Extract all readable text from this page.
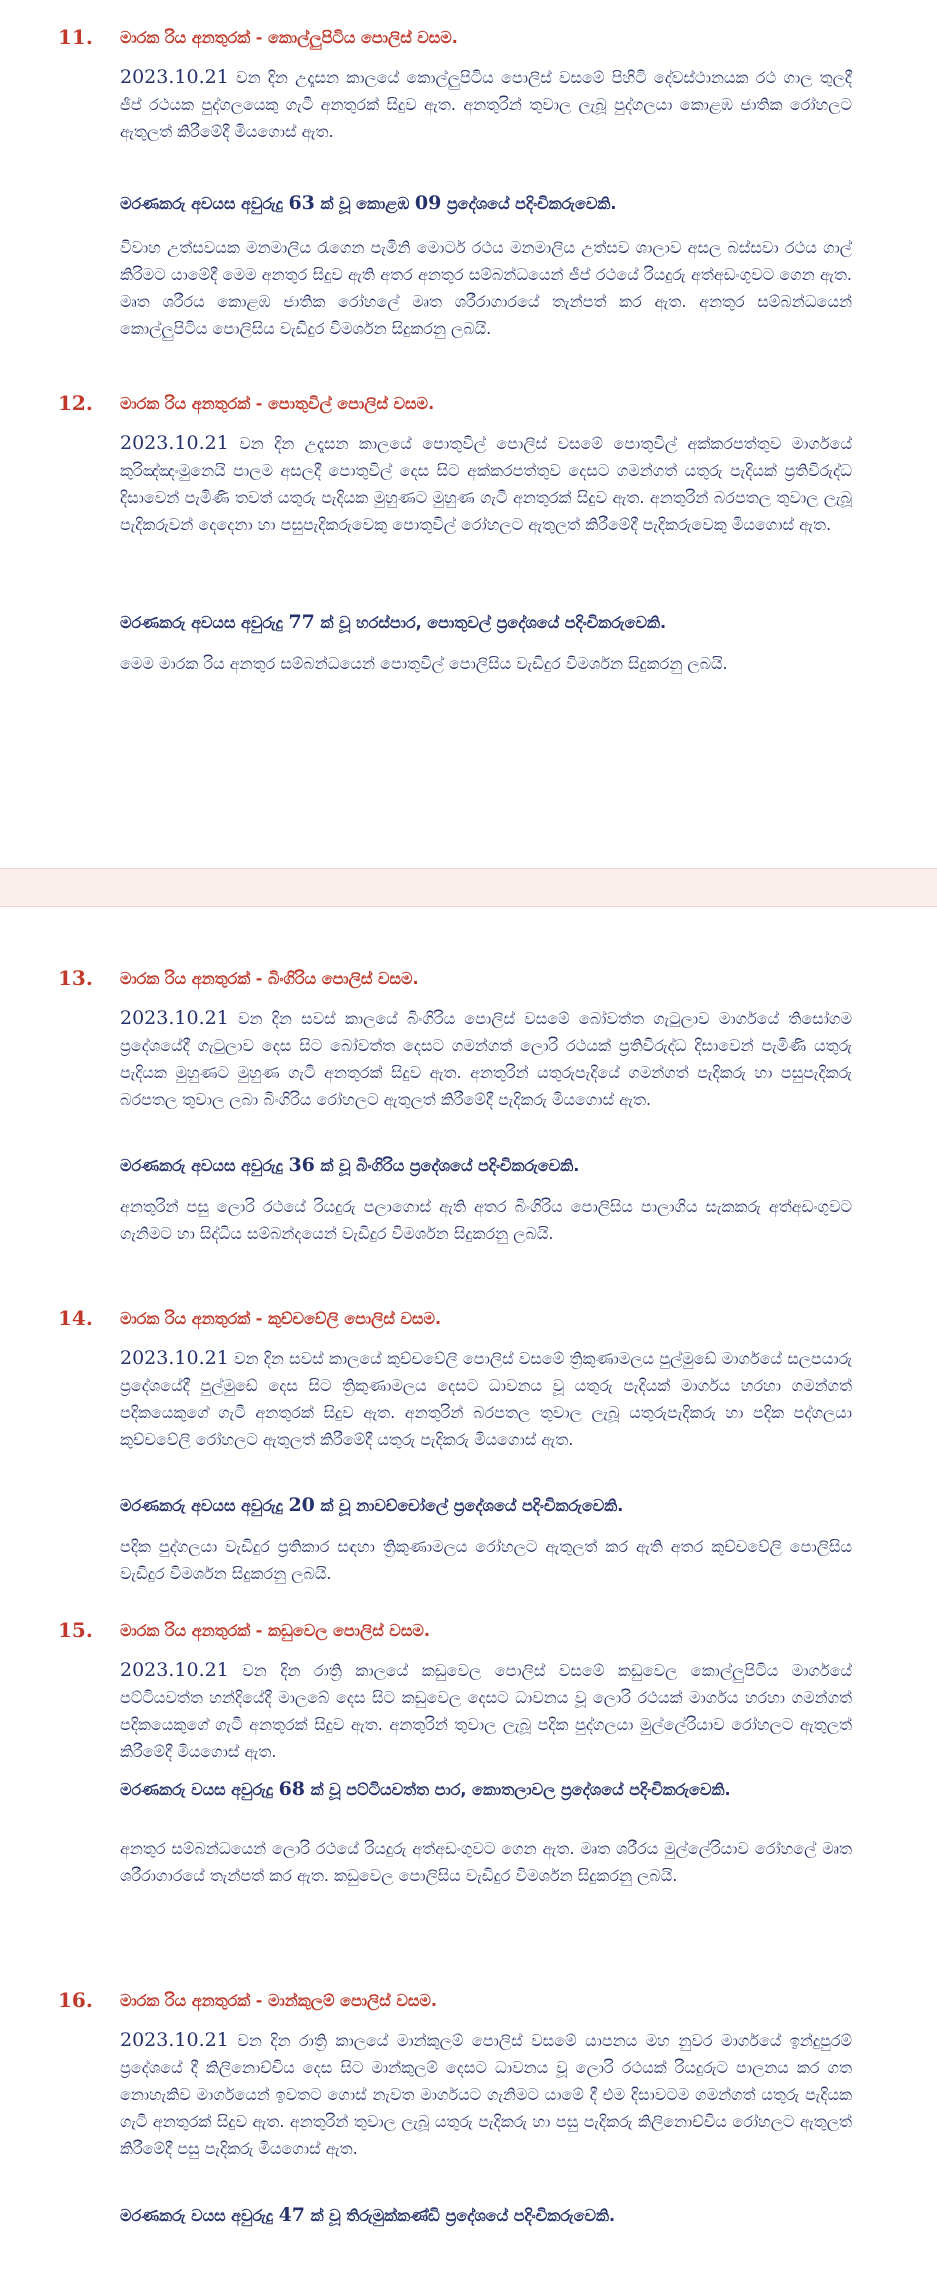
11. මාරක රිය අනතුරක් - කොල්ලුපිටිය පොලිස් වසම.
2023.10.21 වන දින උදෑසන කාලයේ කොල්ලුපිටිය පොලිස් වසමේ පිහිටි දේවස්ථානයක රථ ගාල තුලදී ජීප් රථයක පුද්ගලයෙකු ගැටී අනතුරක් සිදුව ඇත. අනතුරින් තුවාල ලැබූ පුද්ගලයා කොළඹ ජාතික රෝහලට ඇතුලත් කිරීමේදී මියගොස් ඇත.
මරණකරු අවයස අවුරුදු 63 ක් වූ කොළඹ 09 ප්‍රදේශයේ පදිංචිකරුවෙකි.
විවාහ උත්සවයක මනමාලිය රැගෙන පැමිනි මොටර් රථය මනමාලිය උත්සව ශාලාව අසල බස්සවා රථය ගාල් කිරිමට යාමේදී මෙම අනතුර සිදුව ඇති අතර අනතුර සම්බන්ධයෙන් ජීප් රථයේ රියදුරු අත්අඩංගුවට ගෙන ඇත. මෘත ශරීරය කොළඹ ජාතික රෝහලේ මෘත ශරීරාගාරයේ තැන්පත් කර ඇත. අනතුර සම්බන්ධයෙන් කොල්ලුපිටිය පොලිසිය වැඩිදුර විමර්ශන සිදුකරනු ලබයි.
12. මාරක රිය අනතුරක් - පොතුවිල් පොලිස් වසම.
2023.10.21 වන දින උදෑසන කාලයේ පොතුවිල් පොලිස් වසමේ පොතුවිල් අක්කරපත්තුව මාර්ගයේ කුරිඤ්ඤංමුනෙයි පාලම අසලදී පොතුවිල් දෙස සිට අක්කරපත්තුව දෙසට ගමන්ගත් යතුරු පැදියක් ප්‍රතිවිරුද්ධ දිසාවෙන් පැමිණි තවත් යතුරු පැදියක මුහුණට මුහුණ ගැටී අනතුරක් සිදුව ඇත. අනතුරින් බරපතල තුවාල ලැබූ පැදිකරුවන් දෙදෙනා හා පසුපැදිකරුවෙකු පොතුවිල් රෝහලට ඇතුලත් කිරීමේදී පැදිකරුවෙකු මියගොස් ඇත.
මරණකරු අවයස අවුරුදු 77 ක් වූ හරස්පාර, පොතුවල් ප්‍රදේශයේ පදිංචිකරුවෙකි.
මෙම මාරක රිය අනතුර සම්බන්ධයෙන් පොතුවිල් පොලිසිය වැඩිදුර විමර්ශන සිදුකරනු ලබයි.
13. මාරක රිය අනතුරක් - බිංගිරිය පොලිස් වසම.
2023.10.21 වන දින සවස් කාලයේ බිංගිරිය පොලිස් වසමේ බෝවත්ත ගැටුලාව මාර්ගයේ තිසෝගම ප්‍රදේශයේදී ගැටුලාව දෙස සිට බෝවත්ත දෙසට ගමන්ගත් ලොරි රථයක් ප්‍රතිවිරුද්ධ දිසාවෙන් පැමිණි යතුරු පැදියක මුහුණට මුහුණ ගැටී අනතුරක් සිදුව ඇත. අනතුරින් යතුරුපැදියේ ගමන්ගත් පැදිකරු හා පසුපැදිකරු බරපතල තුවාල ලබා බිංගිරිය රෝහලට ඇතුලත් කිරීමේදී පැදිකරු මියගොස් ඇත.
මරණකරු අවයස අවුරුදු 36 ක් වූ බිංගිරිය ප්‍රදේශයේ පදිංචිකරුවෙකි.
අනතුරින් පසු ලොරි රථයේ රියදුරු පලාගොස් ඇති අතර බිංගිරිය පොලිසිය පාලාගිය සැකකරු අත්අඩංගුවට ගැනිමට හා සිද්ධිය සම්බන්දයෙන් වැඩිදුර විමර්ශන සිදුකරනු ලබයි.
14. මාරක රිය අනතුරක් - කුච්චවේලි පොලිස් වසම.
2023.10.21 වන දින සවස් කාලයේ කුච්චවේලි පොලිස් වසමේ ත්‍රිකුණාමලය පුල්මුඩේ මාර්ගයේ සලපයාරු ප්‍රදේශයේදී පුල්මුඩේ දෙස සිට ත්‍රිකුණාමලය දෙසට ධාවනය වූ යතුරු පැදියක් මාර්ගය හරහා ගමන්ගත් පදිකයෙකුගේ ගැටී අනතුරක් සිදුව ඇත. අනතුරින් බරපතල තුවාල ලැබූ යතුරුපැදිකරු හා පදික පද්ගලයා කුච්චවේලි රෝහලට ඇතුලත් කිරීමේදී යතුරු පැදිකරු මියගොස් ඇත.
මරණකරු අවයස අවුරුදු 20 ක් වූ නාවච්චෝලේ ප්‍රදේශයේ පදිංචිකරුවෙකි.
පදික පුද්ගලයා වැඩිදුර ප්‍රතිකාර සඳහා ත්‍රිකුණාමලය රෝහලට ඇතුලත් කර ඇති අතර කුච්චවේලි පොලිසිය වැඩිදුර විමර්ශන සිදුකරනු ලබයි.
15. මාරක රිය අනතුරක් - කඩුවෙල පොලිස් වසම.
2023.10.21 වන දින රාත්‍රි කාලයේ කඩුවෙල පොලිස් වසමේ කඩුවෙල කොල්ලුපිටිය මාර්ගයේ පට්ටියවත්ත හන්දියේදී මාලබේ දෙස සිට කඩුවෙල දෙසට ධාවනය වූ ලොරි රථයක් මාර්ගය හරහා ගමන්ගත් පදිකයෙකුගේ ගැටී අනතුරක් සිදුව ඇත. අනතුරින් තුවාල ලැබූ පදික පුද්ගලයා මුල්ලේරියාව රෝහලට ඇතුලත් කිරීමේදී මියගොස් ඇත.
මරණකරු වයස අවුරුදු 68 ක් වූ පට්ටියවත්ත පාර, කොතලාවල ප්‍රදේශයේ පදිංචිකරුවෙකි.
අනතුර සම්බන්ධයෙන් ලොරි රථයේ රියදුරු අත්අඩංගුවට ගෙන ඇත. මෘත ශරීරය මුල්ලේරියාව රෝහලේ මෘත ශරීරාගාරයේ තැන්පත් කර ඇත. කඩුවෙල පොලිසිය වැඩිදුර විමර්ශන සිදුකරනු ලබයි.
16. මාරක රිය අනතුරක් - මාන්කුලම් පොලිස් වසම.
2023.10.21 වන දින රාත්‍රි කාලයේ මාන්කුලම් පොලිස් වසමේ යාපනය මහ නුවර මාර්ගයේ ඉන්දුපුරම් ප්‍රදේශයේ දී කිලිනොච්චිය දෙස සිට මාන්කුලම් දෙසට ධාවනය වූ ලොරි රථයක් රියදුරුට පාලනය කර ගත නොහැකිව මාර්ගයෙන් ඉවතට ගොස් නැවත මාර්ගයට ගැනිමට යාමේ දී එම දිසාවටම ගමන්ගත් යතුරු පැදියක ගැටී අනතුරක් සිදුව ඇත. අනතුරින් තුවාල ලැබූ යතුරු පැදිකරු හා පසු පැදිකරු කිලිනොච්චිය රෝහලට ඇතුලත් කිරීමේදී පසු පැදිකරු මියගොස් ඇත.
මරණකරු වයස අවුරුදු 47 ක් වූ තිරුමුක්කණ්ඩි ප්‍රදේශයේ පදිංචිකරුවෙකි.
